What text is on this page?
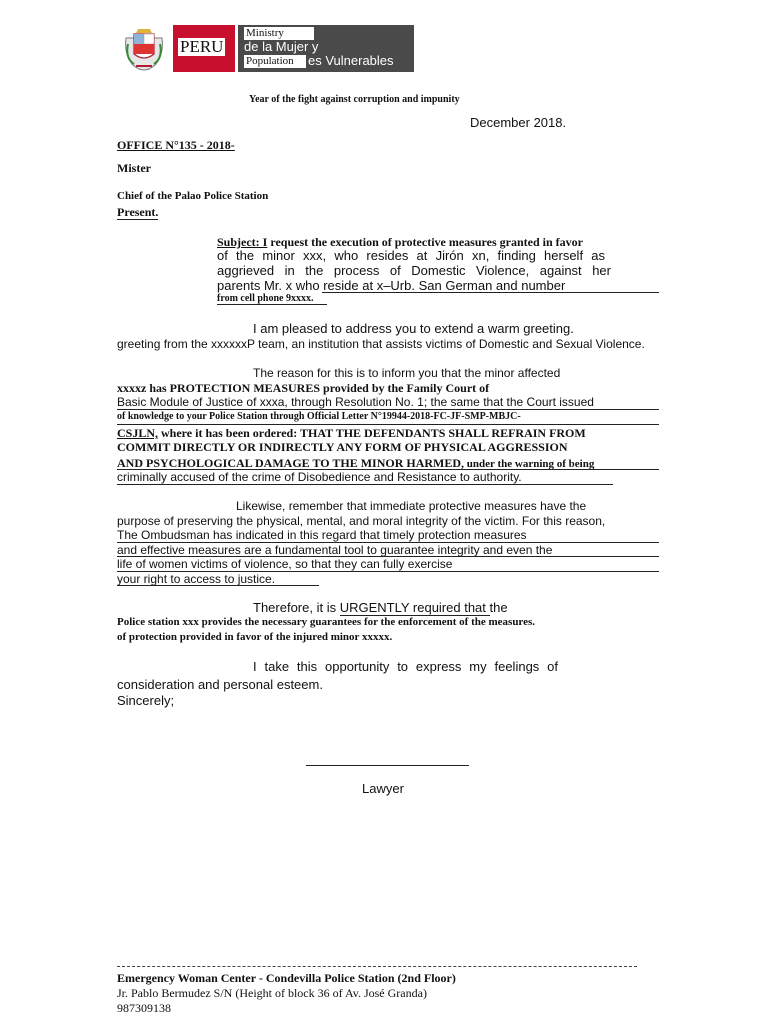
PERU
Ministry
de la Mujer y
Population	es Vulnerables
Year of the fight against corruption and impunity
December 2018.
OFFICE N°135 - 2018-
Mister
Chief of the Palao Police Station
Present.
Subject: I request the execution of protective measures granted in favor
of the minor xxx, who resides at Jirón xn, finding herself as
aggrieved in the process of Domestic Violence, against her
parents Mr. x who reside at x–Urb. San German and number
from cell phone 9xxxx.
I am pleased to address you to extend a warm greeting.
greeting from the xxxxxxP team, an institution that assists victims of Domestic and Sexual Violence.
The reason for this is to inform you that the minor affected
xxxxz has PROTECTION MEASURES provided by the Family Court of
Basic Module of Justice of xxxa, through Resolution No. 1; the same that the Court issued
of knowledge to your Police Station through Official Letter N°19944-2018-FC-JF-SMP-MBJC-
CSJLN, where it has been ordered: THAT THE DEFENDANTS SHALL REFRAIN FROM
COMMIT DIRECTLY OR INDIRECTLY ANY FORM OF PHYSICAL AGGRESSION
AND PSYCHOLOGICAL DAMAGE TO THE MINOR HARMED, under the warning of being
criminally accused of the crime of Disobedience and Resistance to authority.
Likewise, remember that immediate protective measures have the
purpose of preserving the physical, mental, and moral integrity of the victim. For this reason,
The Ombudsman has indicated in this regard that timely protection measures
and effective measures are a fundamental tool to guarantee integrity and even the
life of women victims of violence, so that they can fully exercise
your right to access to justice.
Therefore, it is URGENTLY required that the
Police station xxx provides the necessary guarantees for the enforcement of the measures.
of protection provided in favor of the injured minor xxxxx.
I take this opportunity to express my feelings of
consideration and personal esteem.
Sincerely;
Lawyer
Emergency Woman Center - Condevilla Police Station (2nd Floor)
Jr. Pablo Bermudez S/N (Height of block 36 of Av. José Granda)
987309138
